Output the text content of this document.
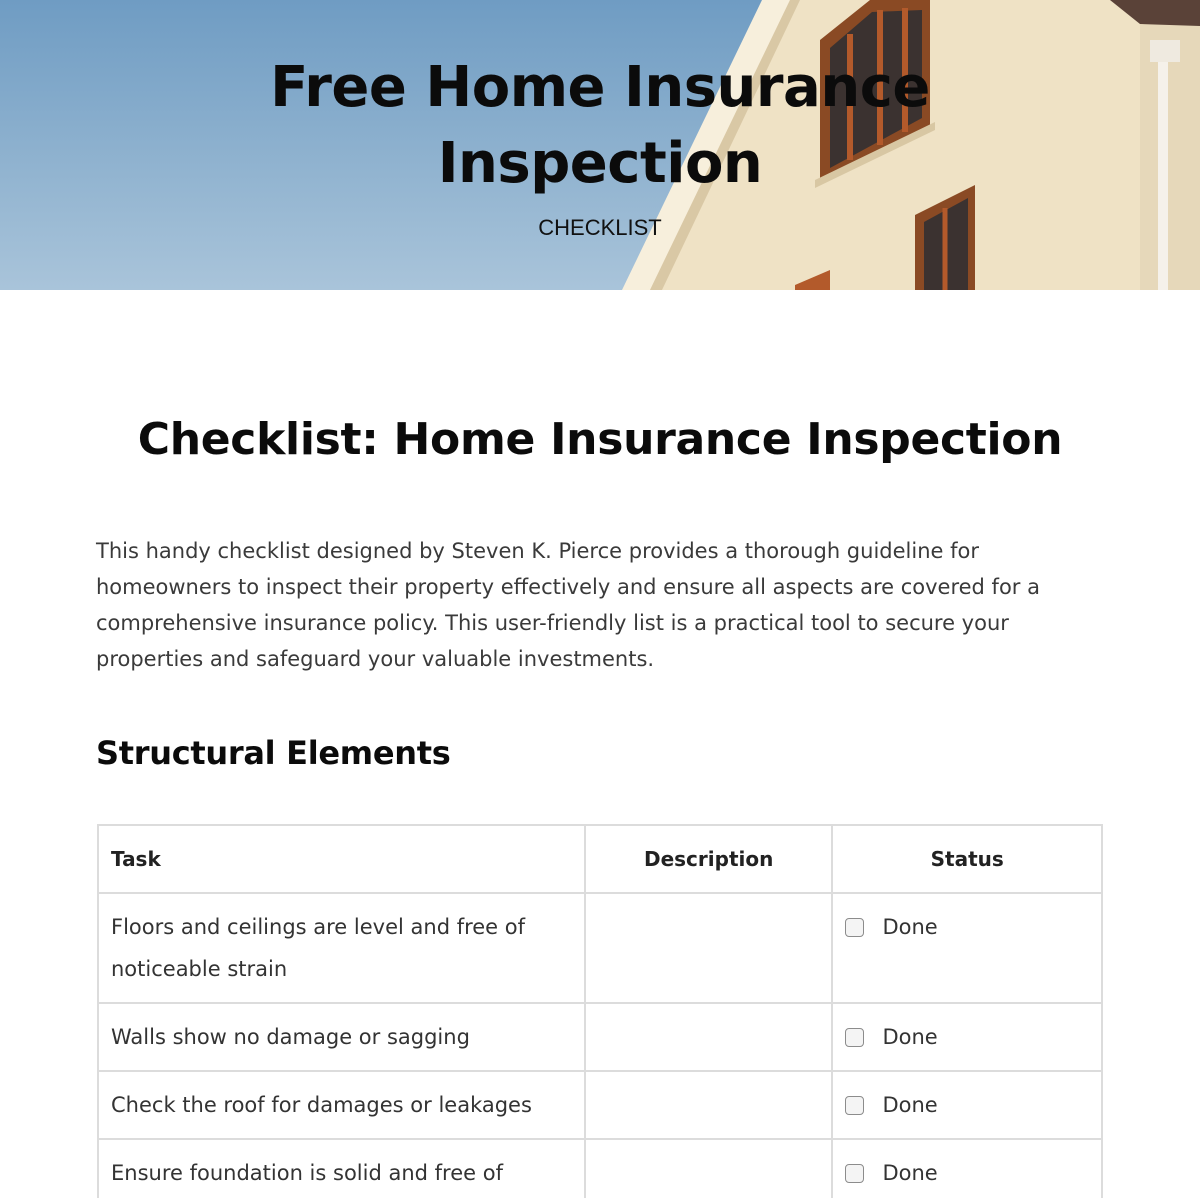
Free Home Insurance
Inspection
CHECKLIST
Checklist: Home Insurance Inspection

This handy checklist designed by Steven K. Pierce provides a thorough guideline for homeowners to inspect their property effectively and ensure all aspects are covered for a comprehensive insurance policy. This user-friendly list is a practical tool to secure your properties and safeguard your valuable investments.

Structural Elements
Task	Description	Status
Floors and ceilings are level and free of noticeable strain		Done

Walls show no damage or sagging		Done

Check the roof for damages or leakages		Done

Ensure foundation is solid and free of		Done
